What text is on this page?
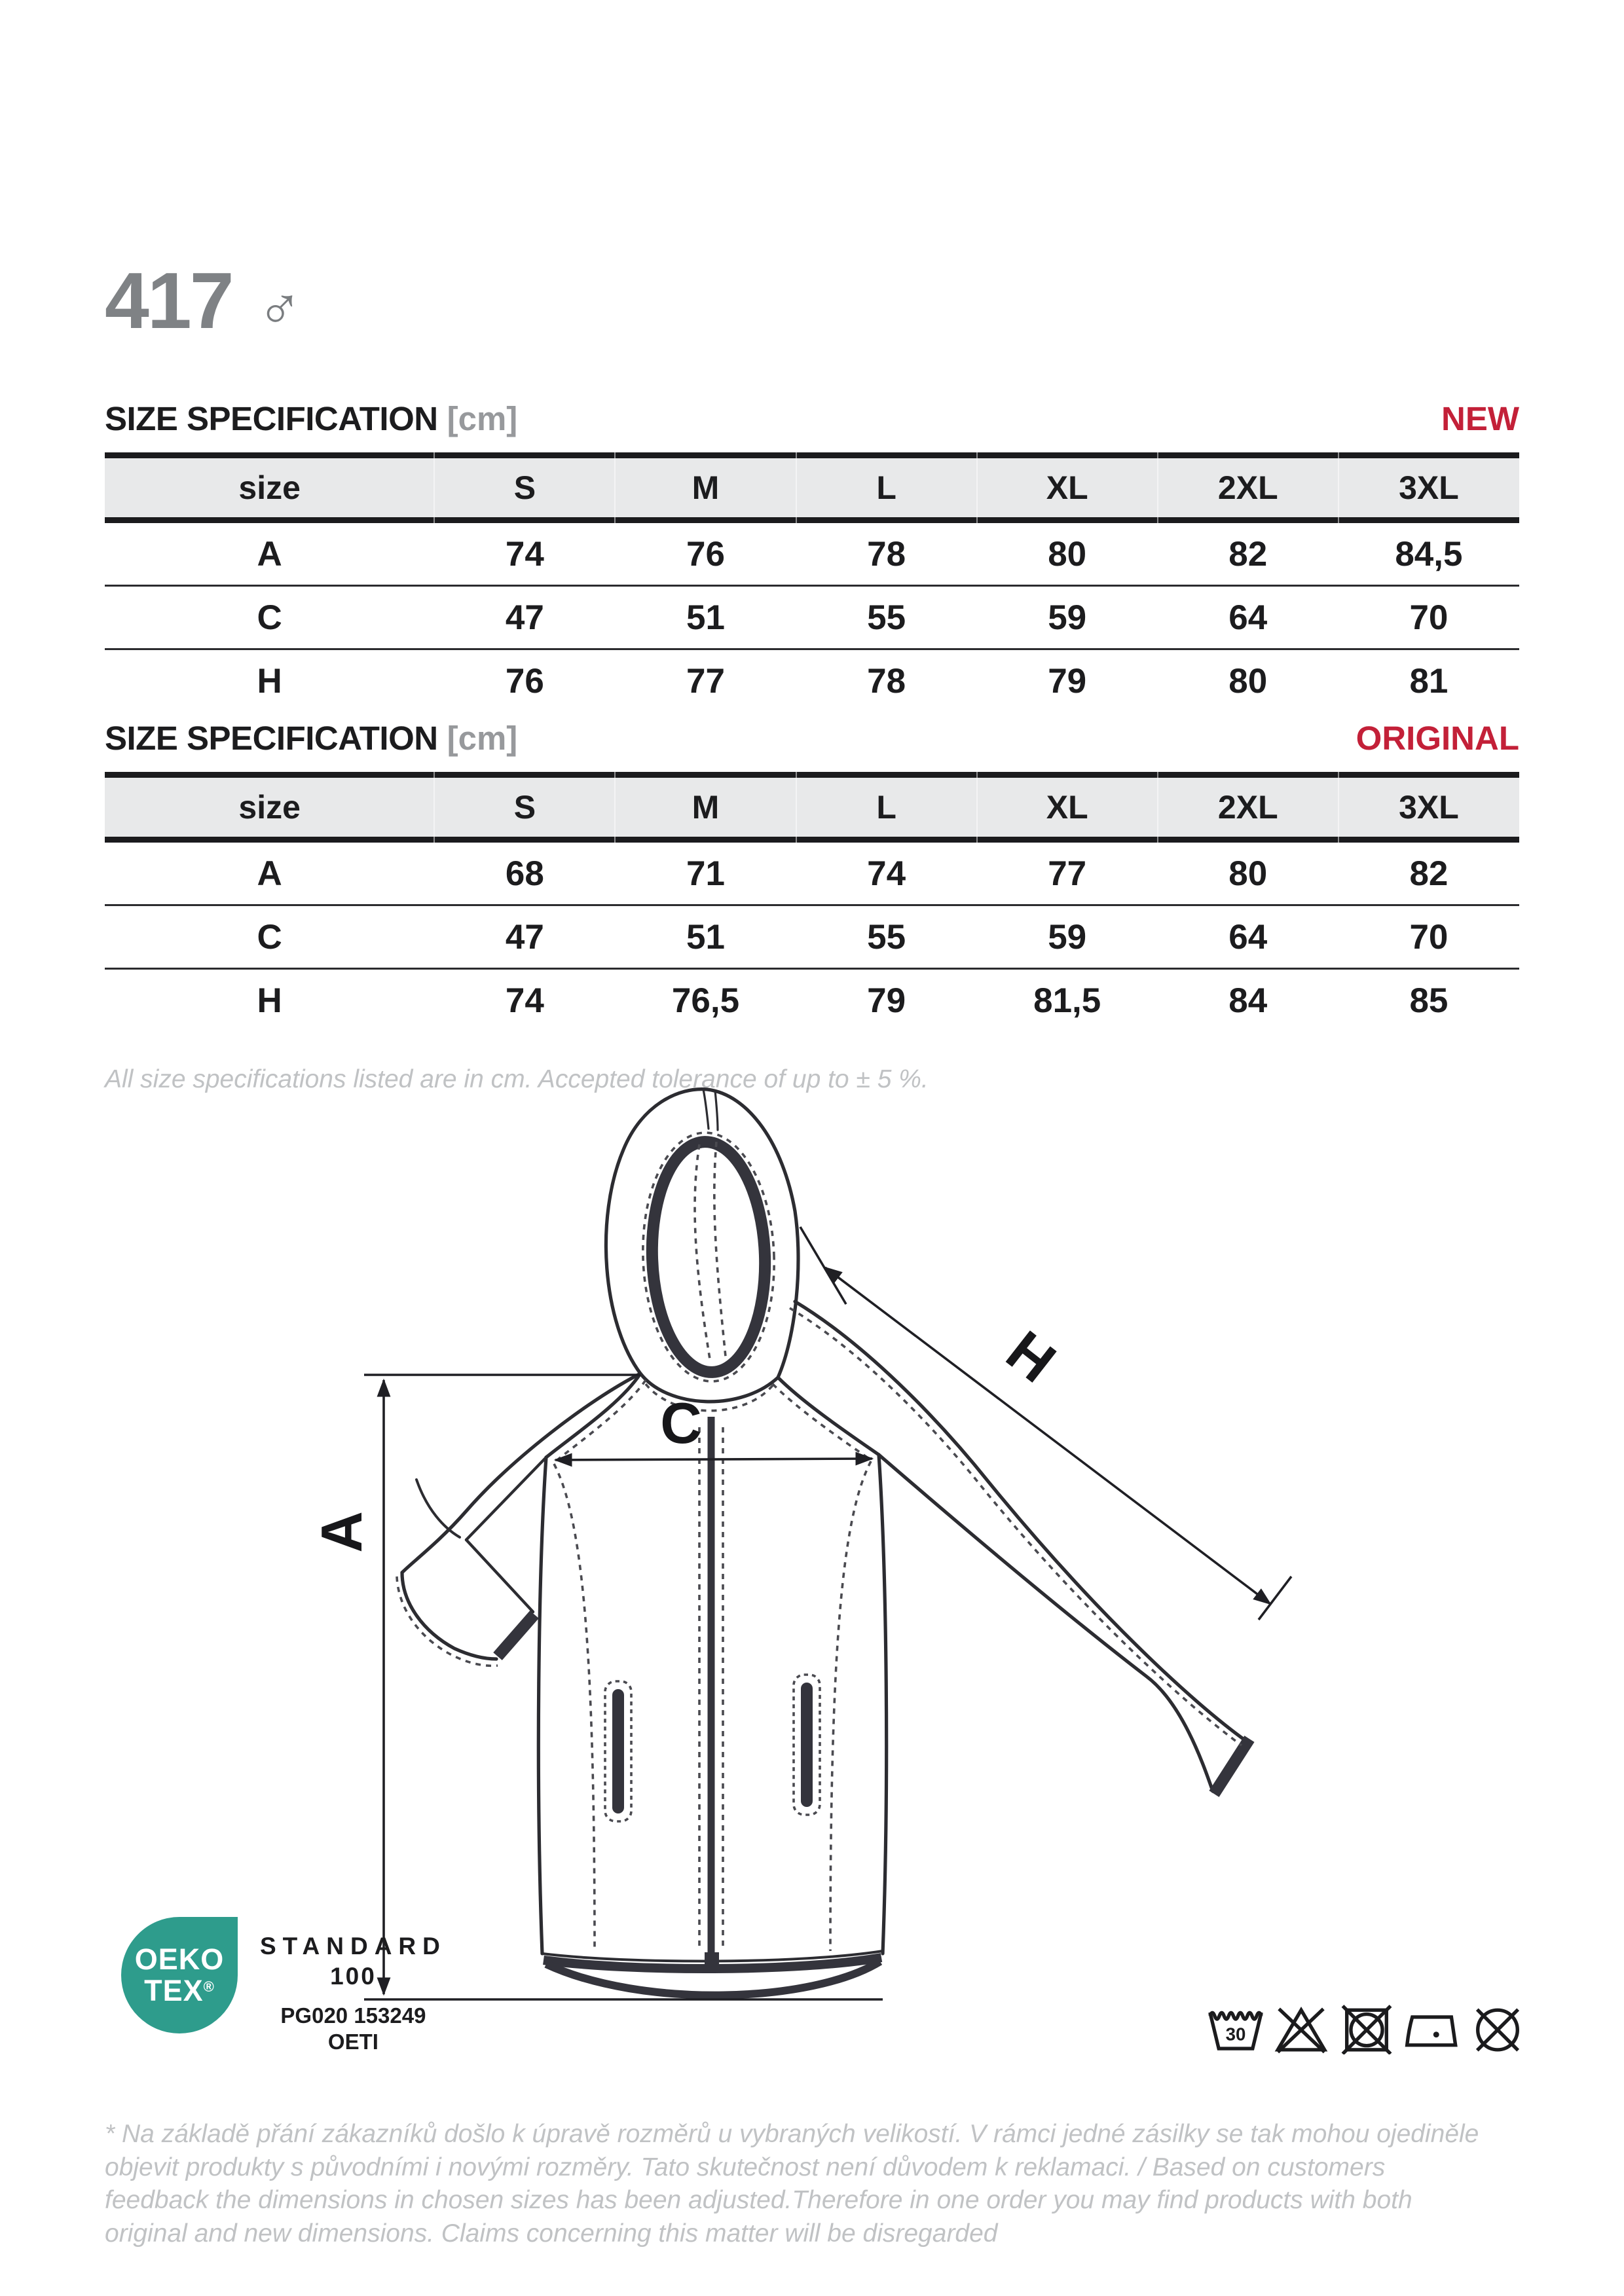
417 ♂
SIZE SPECIFICATION [cm]	NEW
size	S	M	L	XL	2XL	3XL
A	74	76	78	80	82	84,5
C	47	51	55	59	64	70
H	76	77	78	79	80	81
SIZE SPECIFICATION [cm]	ORIGINAL
size	S	M	L	XL	2XL	3XL
A	68	71	74	77	80	82
C	47	51	55	59	64	70
H	74	76,5	79	81,5	84	85

All size specifications listed are in cm. Accepted tolerance of up to ± 5 %.

A
C
H
OEKO
TEX®
STANDARD
100
PG020 153249
OETI	30

* Na základě přání zákazníků došlo k úpravě rozměrů u vybraných velikostí. V rámci jedné zásilky se tak mohou ojediněle objevit produkty s původními i novými rozměry. Tato skutečnost není důvodem k reklamaci. / Based on customers feedback the dimensions in chosen sizes has been adjusted.Therefore in one order you may find products with both original and new dimensions. Claims concerning this matter will be disregarded
